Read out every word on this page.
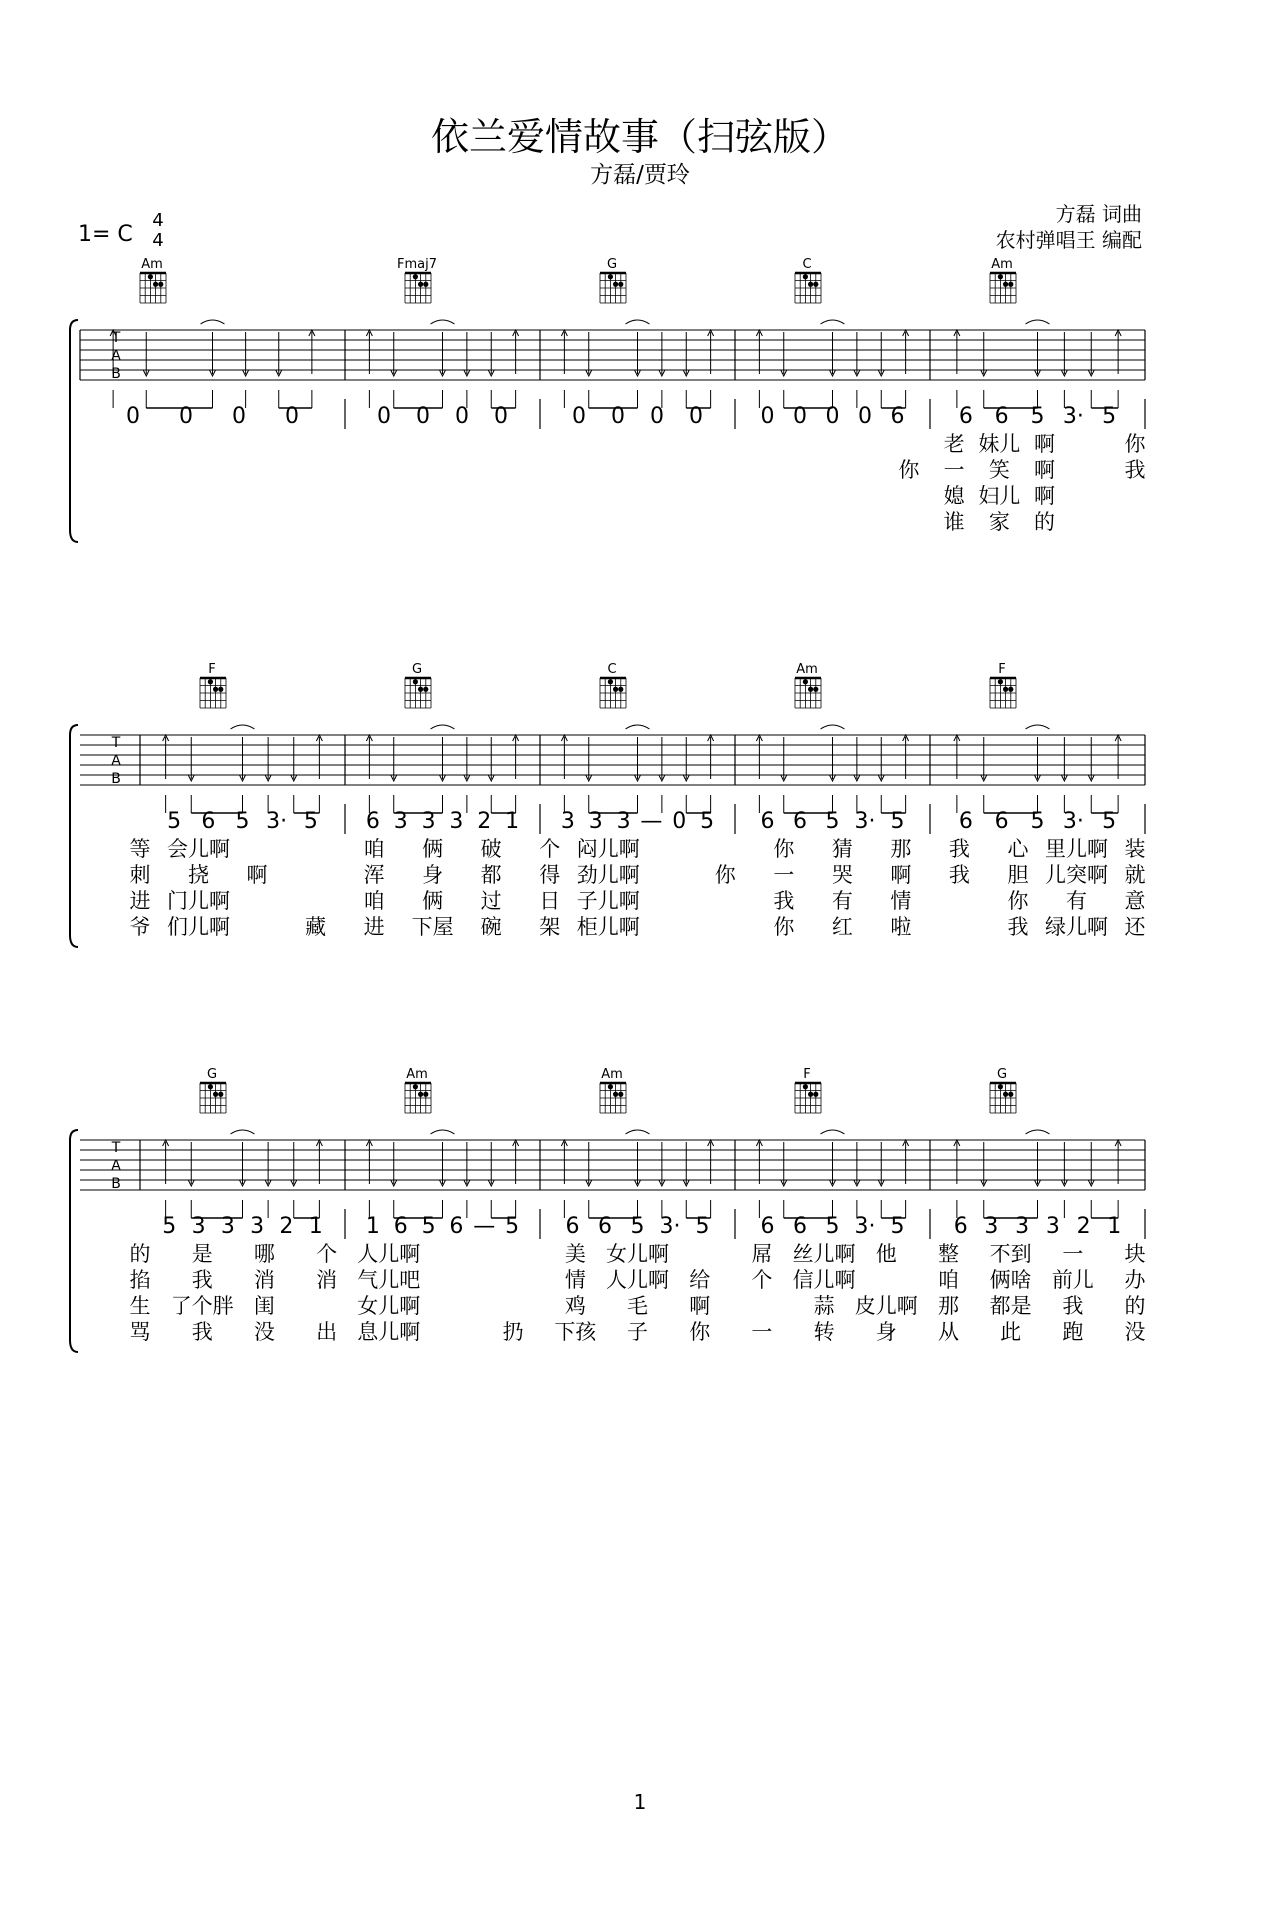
依兰爱情故事（扫弦版）
方磊/贾玲
方磊 词曲
农村弹唱王 编配
1= C
4
4
T
A
B
Am	Fmaj7	G	C	Am
0 0 0 0	0 0 0 0	0 0 0 0	0 0 0 0 6 6 6 5 3· 5
老 妹儿 啊	你
你 一 笑 啊	我
媳 妇儿 啊
谁 家 的
T
A
B
F	G	C	Am	F
5 6 5 3· 5 6 3 3 3 2 1 3 3 3 — 0 5 6 6 5 3· 5 6 6 5 3· 5
等 会儿啊	咱 俩 破 个 闷儿啊	你 猜 那 我 心 里儿啊 装
刺 挠 啊	浑 身 都 得 劲儿啊	你 一 哭 啊 我 胆 儿突啊 就
进 门儿啊	咱 俩 过 日 子儿啊	我 有 情	你 有 意
爷 们儿啊	藏 进 下屋 碗 架 柜儿啊	你 红 啦	我 绿儿啊 还
T
A
B
G	Am	Am	F	G
5 3 3 3 2 1 1 6 5 6 — 5 6 6 5 3· 5 6 6 5 3· 5 6 3 3 3 2 1
的 是 哪 个 人儿啊	美 女儿啊	屌 丝儿啊 他 整 不到 一 块
掐 我 消 消 气儿吧	情 人儿啊 给 个 信儿啊	咱 俩啥 前儿 办
生 了个胖 闺	女儿啊	鸡 毛 啊	蒜 皮儿啊 那 都是 我 的
骂 我 没 出 息儿啊	扔 下孩 子 你 一 转 身 从 此 跑 没
1
